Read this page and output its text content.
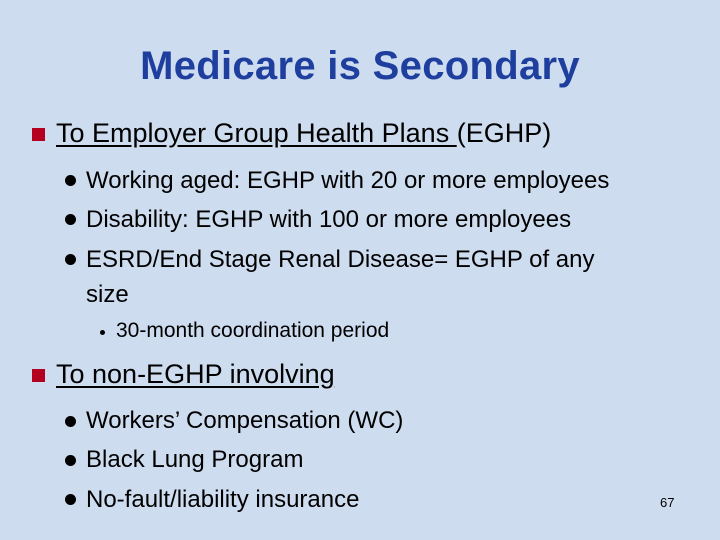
Medicare is Secondary
To Employer Group Health Plans (EGHP)
Working aged: EGHP with 20 or more employees
Disability: EGHP with 100 or more employees
ESRD/End Stage Renal Disease= EGHP of any
size
30-month coordination period
To non-EGHP involving
Workers’ Compensation (WC)
Black Lung Program
No-fault/liability insurance	67
